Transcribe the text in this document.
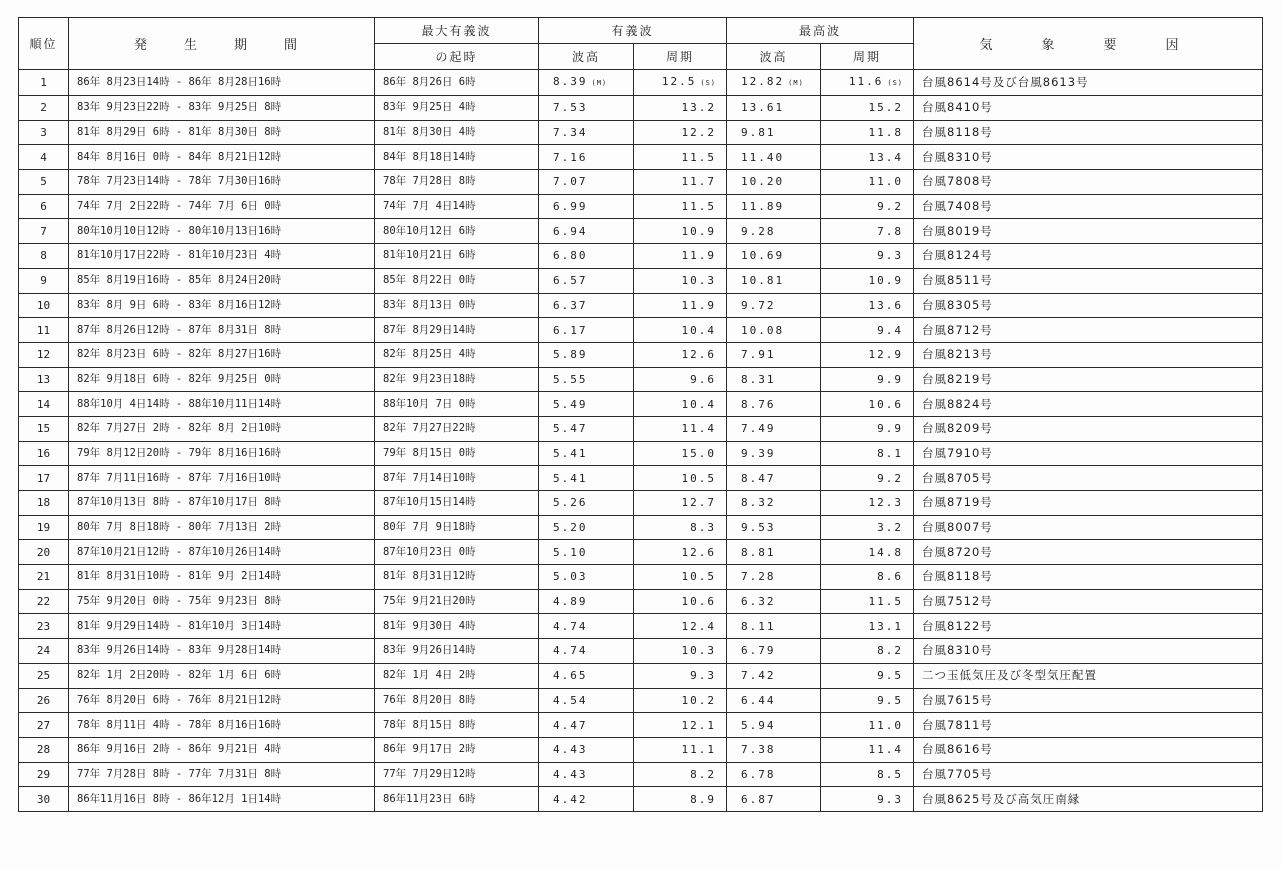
順位	発　生　期　間	最大有義波	有義波		最高波		気　象　要　因
		の起時	波高	周期	波高	周期	
1	86年 8月23日14時 - 86年 8月28日16時	86年 8月26日 6時	8.39 (M)	12.5 (S)	12.82 (M)	11.6 (S)	台風8614号及び台風8613号
2	83年 9月23日22時 - 83年 9月25日 8時	83年 9月25日 4時	7.53	13.2	13.61	15.2	台風8410号
3	81年 8月29日 6時 - 81年 8月30日 8時	81年 8月30日 4時	7.34	12.2	9.81	11.8	台風8118号
4	84年 8月16日 0時 - 84年 8月21日12時	84年 8月18日14時	7.16	11.5	11.40	13.4	台風8310号
5	78年 7月23日14時 - 78年 7月30日16時	78年 7月28日 8時	7.07	11.7	10.20	11.0	台風7808号
6	74年 7月 2日22時 - 74年 7月 6日 0時	74年 7月 4日14時	6.99	11.5	11.89	9.2	台風7408号
7	80年10月10日12時 - 80年10月13日16時	80年10月12日 6時	6.94	10.9	9.28	7.8	台風8019号
8	81年10月17日22時 - 81年10月23日 4時	81年10月21日 6時	6.80	11.9	10.69	9.3	台風8124号
9	85年 8月19日16時 - 85年 8月24日20時	85年 8月22日 0時	6.57	10.3	10.81	10.9	台風8511号
10	83年 8月 9日 6時 - 83年 8月16日12時	83年 8月13日 0時	6.37	11.9	9.72	13.6	台風8305号
11	87年 8月26日12時 - 87年 8月31日 8時	87年 8月29日14時	6.17	10.4	10.08	9.4	台風8712号
12	82年 8月23日 6時 - 82年 8月27日16時	82年 8月25日 4時	5.89	12.6	7.91	12.9	台風8213号
13	82年 9月18日 6時 - 82年 9月25日 0時	82年 9月23日18時	5.55	9.6	8.31	9.9	台風8219号
14	88年10月 4日14時 - 88年10月11日14時	88年10月 7日 0時	5.49	10.4	8.76	10.6	台風8824号
15	82年 7月27日 2時 - 82年 8月 2日10時	82年 7月27日22時	5.47	11.4	7.49	9.9	台風8209号
16	79年 8月12日20時 - 79年 8月16日16時	79年 8月15日 0時	5.41	15.0	9.39	8.1	台風7910号
17	87年 7月11日16時 - 87年 7月16日10時	87年 7月14日10時	5.41	10.5	8.47	9.2	台風8705号
18	87年10月13日 8時 - 87年10月17日 8時	87年10月15日14時	5.26	12.7	8.32	12.3	台風8719号
19	80年 7月 8日18時 - 80年 7月13日 2時	80年 7月 9日18時	5.20	8.3	9.53	3.2	台風8007号
20	87年10月21日12時 - 87年10月26日14時	87年10月23日 0時	5.10	12.6	8.81	14.8	台風8720号
21	81年 8月31日10時 - 81年 9月 2日14時	81年 8月31日12時	5.03	10.5	7.28	8.6	台風8118号
22	75年 9月20日 0時 - 75年 9月23日 8時	75年 9月21日20時	4.89	10.6	6.32	11.5	台風7512号
23	81年 9月29日14時 - 81年10月 3日14時	81年 9月30日 4時	4.74	12.4	8.11	13.1	台風8122号
24	83年 9月26日14時 - 83年 9月28日14時	83年 9月26日14時	4.74	10.3	6.79	8.2	台風8310号
25	82年 1月 2日20時 - 82年 1月 6日 6時	82年 1月 4日 2時	4.65	9.3	7.42	9.5	二つ玉低気圧及び冬型気圧配置
26	76年 8月20日 6時 - 76年 8月21日12時	76年 8月20日 8時	4.54	10.2	6.44	9.5	台風7615号
27	78年 8月11日 4時 - 78年 8月16日16時	78年 8月15日 8時	4.47	12.1	5.94	11.0	台風7811号
28	86年 9月16日 2時 - 86年 9月21日 4時	86年 9月17日 2時	4.43	11.1	7.38	11.4	台風8616号
29	77年 7月28日 8時 - 77年 7月31日 8時	77年 7月29日12時	4.43	8.2	6.78	8.5	台風7705号
30	86年11月16日 8時 - 86年12月 1日14時	86年11月23日 6時	4.42	8.9	6.87	9.3	台風8625号及び高気圧南縁
